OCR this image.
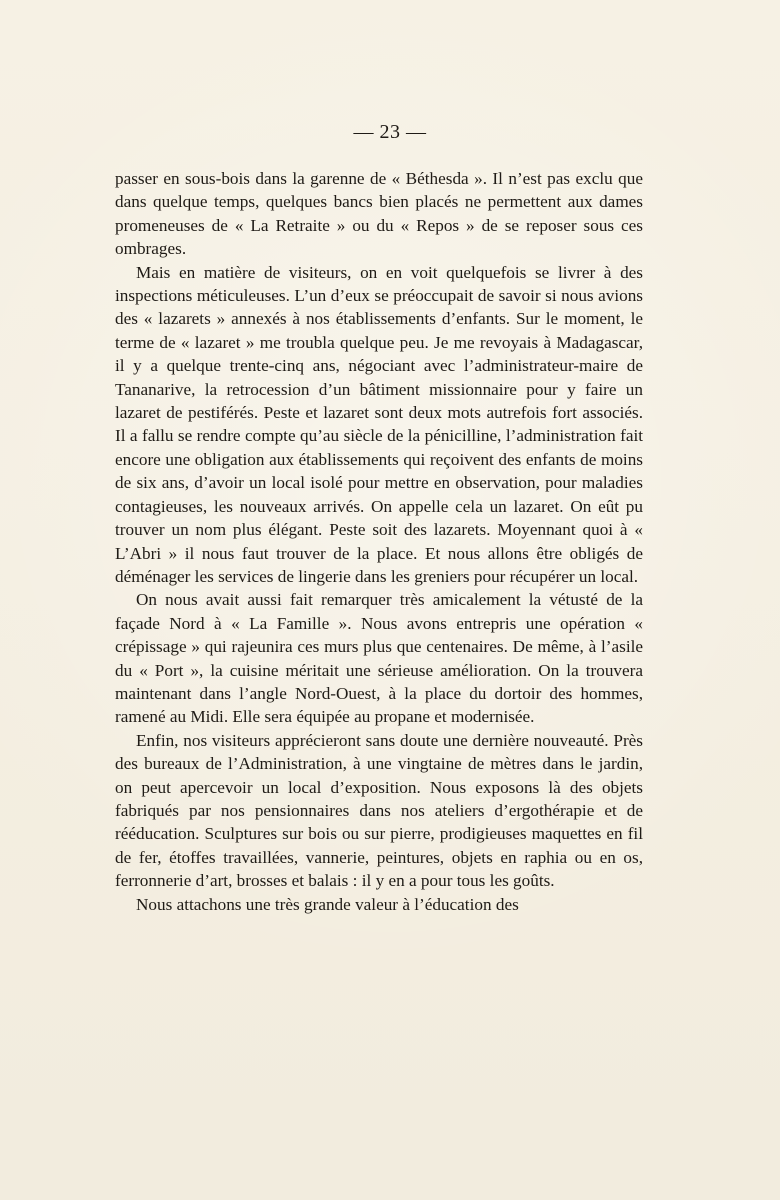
— 23 —

passer en sous-bois dans la garenne de « Béthesda ». Il n’est pas exclu que dans quelque temps, quelques bancs bien placés ne permettent aux dames promeneuses de « La Retraite » ou du « Repos » de se reposer sous ces ombrages.

Mais en matière de visiteurs, on en voit quelquefois se livrer à des inspections méticuleuses. L’un d’eux se préoccupait de savoir si nous avions des « lazarets » annexés à nos établissements d’enfants. Sur le moment, le terme de « lazaret » me troubla quelque peu. Je me revoyais à Madagascar, il y a quelque trente-cinq ans, négociant avec l’administrateur-maire de Tananarive, la retrocession d’un bâtiment missionnaire pour y faire un lazaret de pestiférés. Peste et lazaret sont deux mots autrefois fort associés. Il a fallu se rendre compte qu’au siècle de la pénicilline, l’administration fait encore une obligation aux établissements qui reçoivent des enfants de moins de six ans, d’avoir un local isolé pour mettre en observation, pour maladies contagieuses, les nouveaux arrivés. On appelle cela un lazaret. On eût pu trouver un nom plus élégant. Peste soit des lazarets. Moyennant quoi à « L’Abri » il nous faut trouver de la place. Et nous allons être obligés de déménager les services de lingerie dans les greniers pour récupérer un local.

On nous avait aussi fait remarquer très amicalement la vétusté de la façade Nord à « La Famille ». Nous avons entrepris une opération « crépissage » qui rajeunira ces murs plus que centenaires. De même, à l’asile du « Port », la cuisine méritait une sérieuse amélioration. On la trouvera maintenant dans l’angle Nord-Ouest, à la place du dortoir des hommes, ramené au Midi. Elle sera équipée au propane et modernisée.

Enfin, nos visiteurs apprécieront sans doute une dernière nouveauté. Près des bureaux de l’Administration, à une vingtaine de mètres dans le jardin, on peut apercevoir un local d’exposition. Nous exposons là des objets fabriqués par nos pensionnaires dans nos ateliers d’ergothérapie et de rééducation. Sculptures sur bois ou sur pierre, prodigieuses maquettes en fil de fer, étoffes travaillées, vannerie, peintures, objets en raphia ou en os, ferronnerie d’art, brosses et balais : il y en a pour tous les goûts.

Nous attachons une très grande valeur à l’éducation des
